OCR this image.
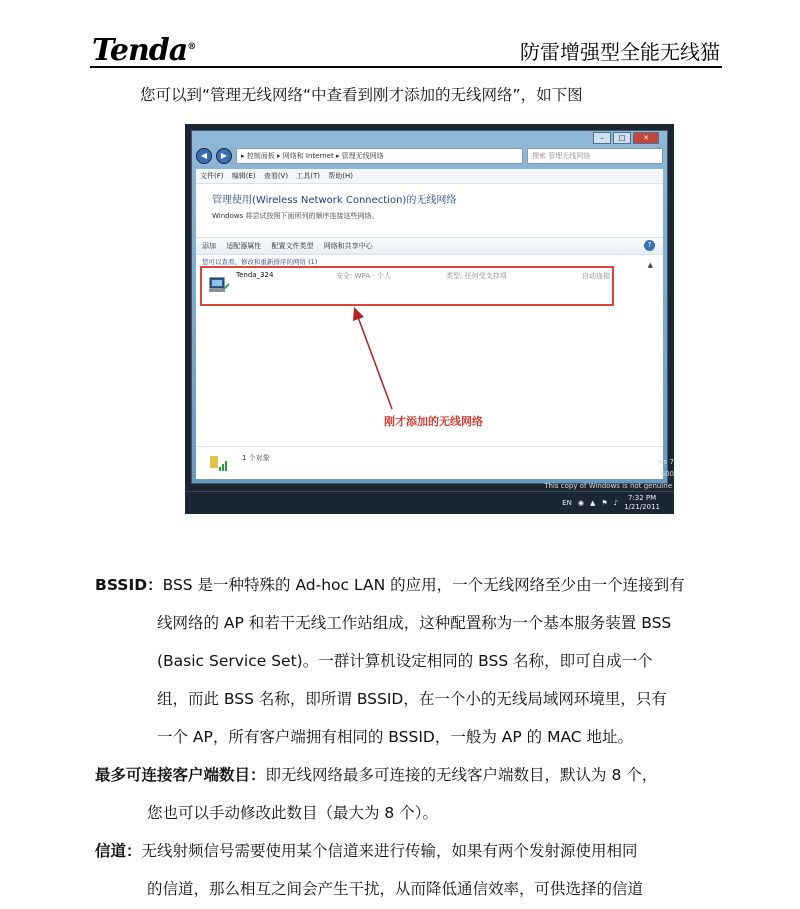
Tenda®	防雷增强型全能无线猫
您可以到“管理无线网络“中查看到刚才添加的无线网络”，如下图
–	□	✕
◀	▶	▸ 控制面板 ▸ 网络和 Internet ▸ 管理无线网络	搜索 管理无线网络
文件(F) 编辑(E) 查看(V) 工具(T) 帮助(H)
管理使用(Wireless Network Connection)的无线网络
Windows 将尝试按照下面所列的顺序连接这些网络。
添加 适配器属性 配置文件类型 网络和共享中心	?
您可以查看、修改和重新排序的网络 (1)	▲
Tenda_324	安全: WPA - 个人	类型: 任何受支持项	自动连接
刚才添加的无线网络
1 个对象	ws 7
600
This copy of Windows is not genuine
EN ◉ ▲ ⚑ ♪
7:32 PM
1/21/2011
BSSID：BSS 是一种特殊的 Ad-hoc LAN 的应用，一个无线网络至少由一个连接到有
线网络的 AP 和若干无线工作站组成，这种配置称为一个基本服务装置 BSS
(Basic Service Set)。一群计算机设定相同的 BSS 名称，即可自成一个
组，而此 BSS 名称，即所谓 BSSID，在一个小的无线局域网环境里，只有
一个 AP，所有客户端拥有相同的 BSSID，一般为 AP 的 MAC 地址。
最多可连接客户端数目：即无线网络最多可连接的无线客户端数目，默认为 8 个，
您也可以手动修改此数目（最大为 8 个）。
信道：无线射频信号需要使用某个信道来进行传输，如果有两个发射源使用相同
的信道，那么相互之间会产生干扰，从而降低通信效率，可供选择的信道
